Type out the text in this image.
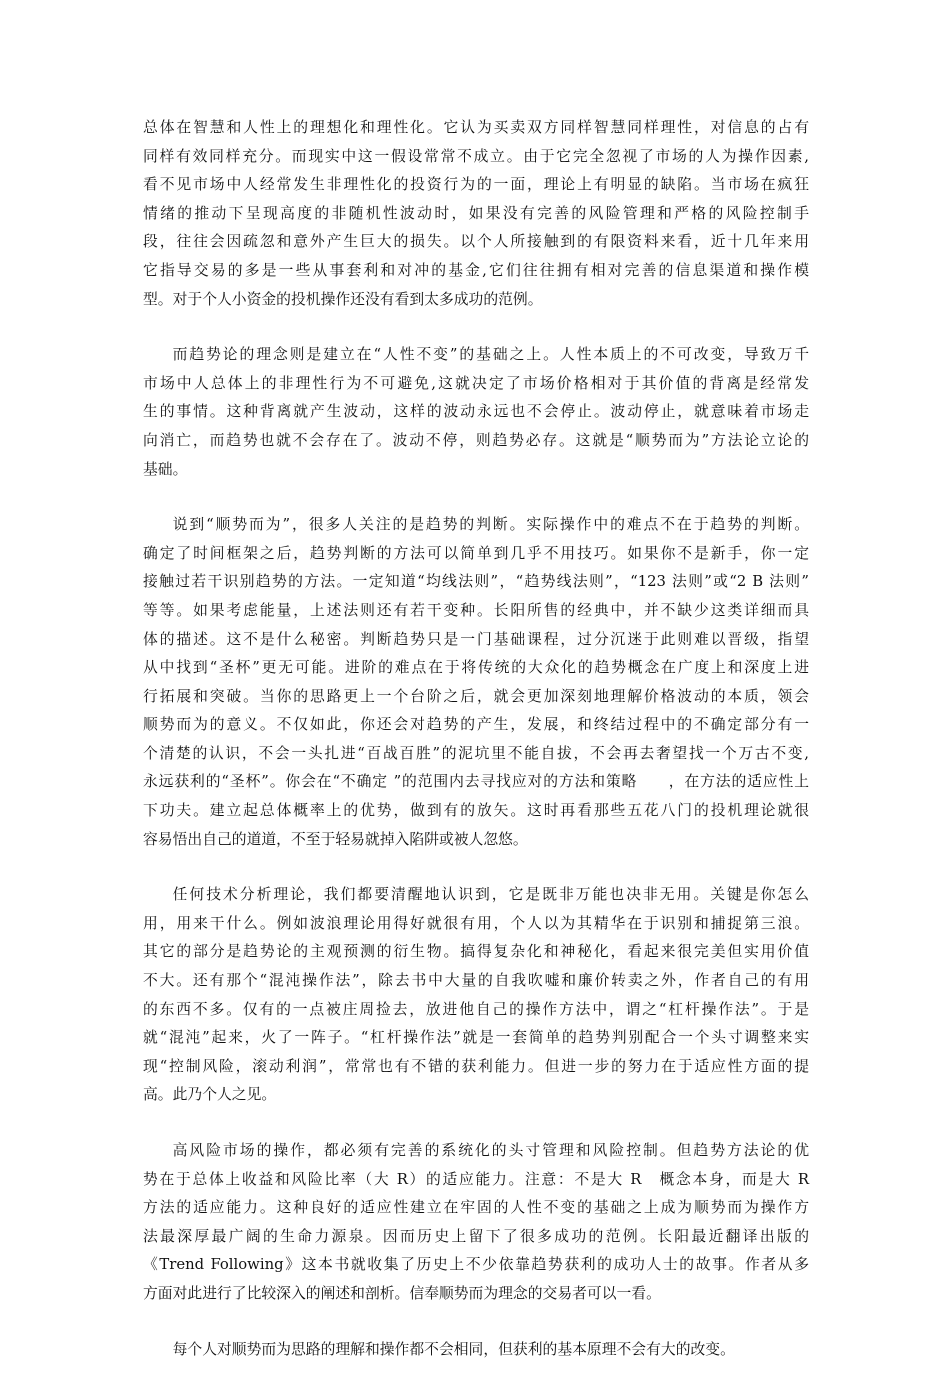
总体在智慧和人性上的理想化和理性化。它认为买卖双方同样智慧同样理性，对信息的占有
同样有效同样充分。而现实中这一假设常常不成立。由于它完全忽视了市场的人为操作因素,
看不见市场中人经常发生非理性化的投资行为的一面，理论上有明显的缺陷。当市场在疯狂
情绪的推动下呈现高度的非随机性波动时，如果没有完善的风险管理和严格的风险控制手
段，往往会因疏忽和意外产生巨大的损失。以个人所接触到的有限资料来看，近十几年来用
它指导交易的多是一些从事套利和对冲的基金,它们往往拥有相对完善的信息渠道和操作模
型。对于个人小资金的投机操作还没有看到太多成功的范例。
而趋势论的理念则是建立在“人性不变”的基础之上。人性本质上的不可改变，导致万千
市场中人总体上的非理性行为不可避免,这就决定了市场价格相对于其价值的背离是经常发
生的事情。这种背离就产生波动，这样的波动永远也不会停止。波动停止，就意味着市场走
向消亡，而趋势也就不会存在了。波动不停，则趋势必存。这就是“顺势而为”方法论立论的
基础。
说到“顺势而为”，很多人关注的是趋势的判断。实际操作中的难点不在于趋势的判断。
确定了时间框架之后，趋势判断的方法可以简单到几乎不用技巧。如果你不是新手，你一定
接触过若干识别趋势的方法。一定知道“均线法则”，“趋势线法则”，“123 法则”或“2 B 法则”
等等。如果考虑能量，上述法则还有若干变种。长阳所售的经典中，并不缺少这类详细而具
体的描述。这不是什么秘密。判断趋势只是一门基础课程，过分沉迷于此则难以晋级，指望
从中找到“圣杯”更无可能。进阶的难点在于将传统的大众化的趋势概念在广度上和深度上进
行拓展和突破。当你的思路更上一个台阶之后，就会更加深刻地理解价格波动的本质，领会
顺势而为的意义。不仅如此，你还会对趋势的产生，发展，和终结过程中的不确定部分有一
个清楚的认识，不会一头扎进“百战百胜”的泥坑里不能自拔，不会再去奢望找一个万古不变,
永远获利的“圣杯”。你会在“不确定 ”的范围内去寻找应对的方法和策略　　，在方法的适应性上
下功夫。建立起总体概率上的优势，做到有的放矢。这时再看那些五花八门的投机理论就很
容易悟出自己的道道，不至于轻易就掉入陷阱或被人忽悠。
任何技术分析理论，我们都要清醒地认识到，它是既非万能也决非无用。关键是你怎么
用，用来干什么。例如波浪理论用得好就很有用，个人以为其精华在于识别和捕捉第三浪。
其它的部分是趋势论的主观预测的衍生物。搞得复杂化和神秘化，看起来很完美但实用价值
不大。还有那个“混沌操作法”，除去书中大量的自我吹嘘和廉价转卖之外，作者自己的有用
的东西不多。仅有的一点被庄周捡去，放进他自己的操作方法中，谓之“杠杆操作法”。于是
就“混沌”起来，火了一阵子。“杠杆操作法”就是一套简单的趋势判别配合一个头寸调整来实
现“控制风险，滚动利润”，常常也有不错的获利能力。但进一步的努力在于适应性方面的提
高。此乃个人之见。
高风险市场的操作，都必须有完善的系统化的头寸管理和风险控制。但趋势方法论的优
势在于总体上收益和风险比率（大 R）的适应能力。注意：不是大 R　概念本身，而是大 R
方法的适应能力。这种良好的适应性建立在牢固的人性不变的基础之上成为顺势而为操作方
法最深厚最广阔的生命力源泉。因而历史上留下了很多成功的范例。长阳最近翻译出版的
《Trend Following》这本书就收集了历史上不少依靠趋势获利的成功人士的故事。作者从多
方面对此进行了比较深入的阐述和剖析。信奉顺势而为理念的交易者可以一看。
每个人对顺势而为思路的理解和操作都不会相同，但获利的基本原理不会有大的改变。
